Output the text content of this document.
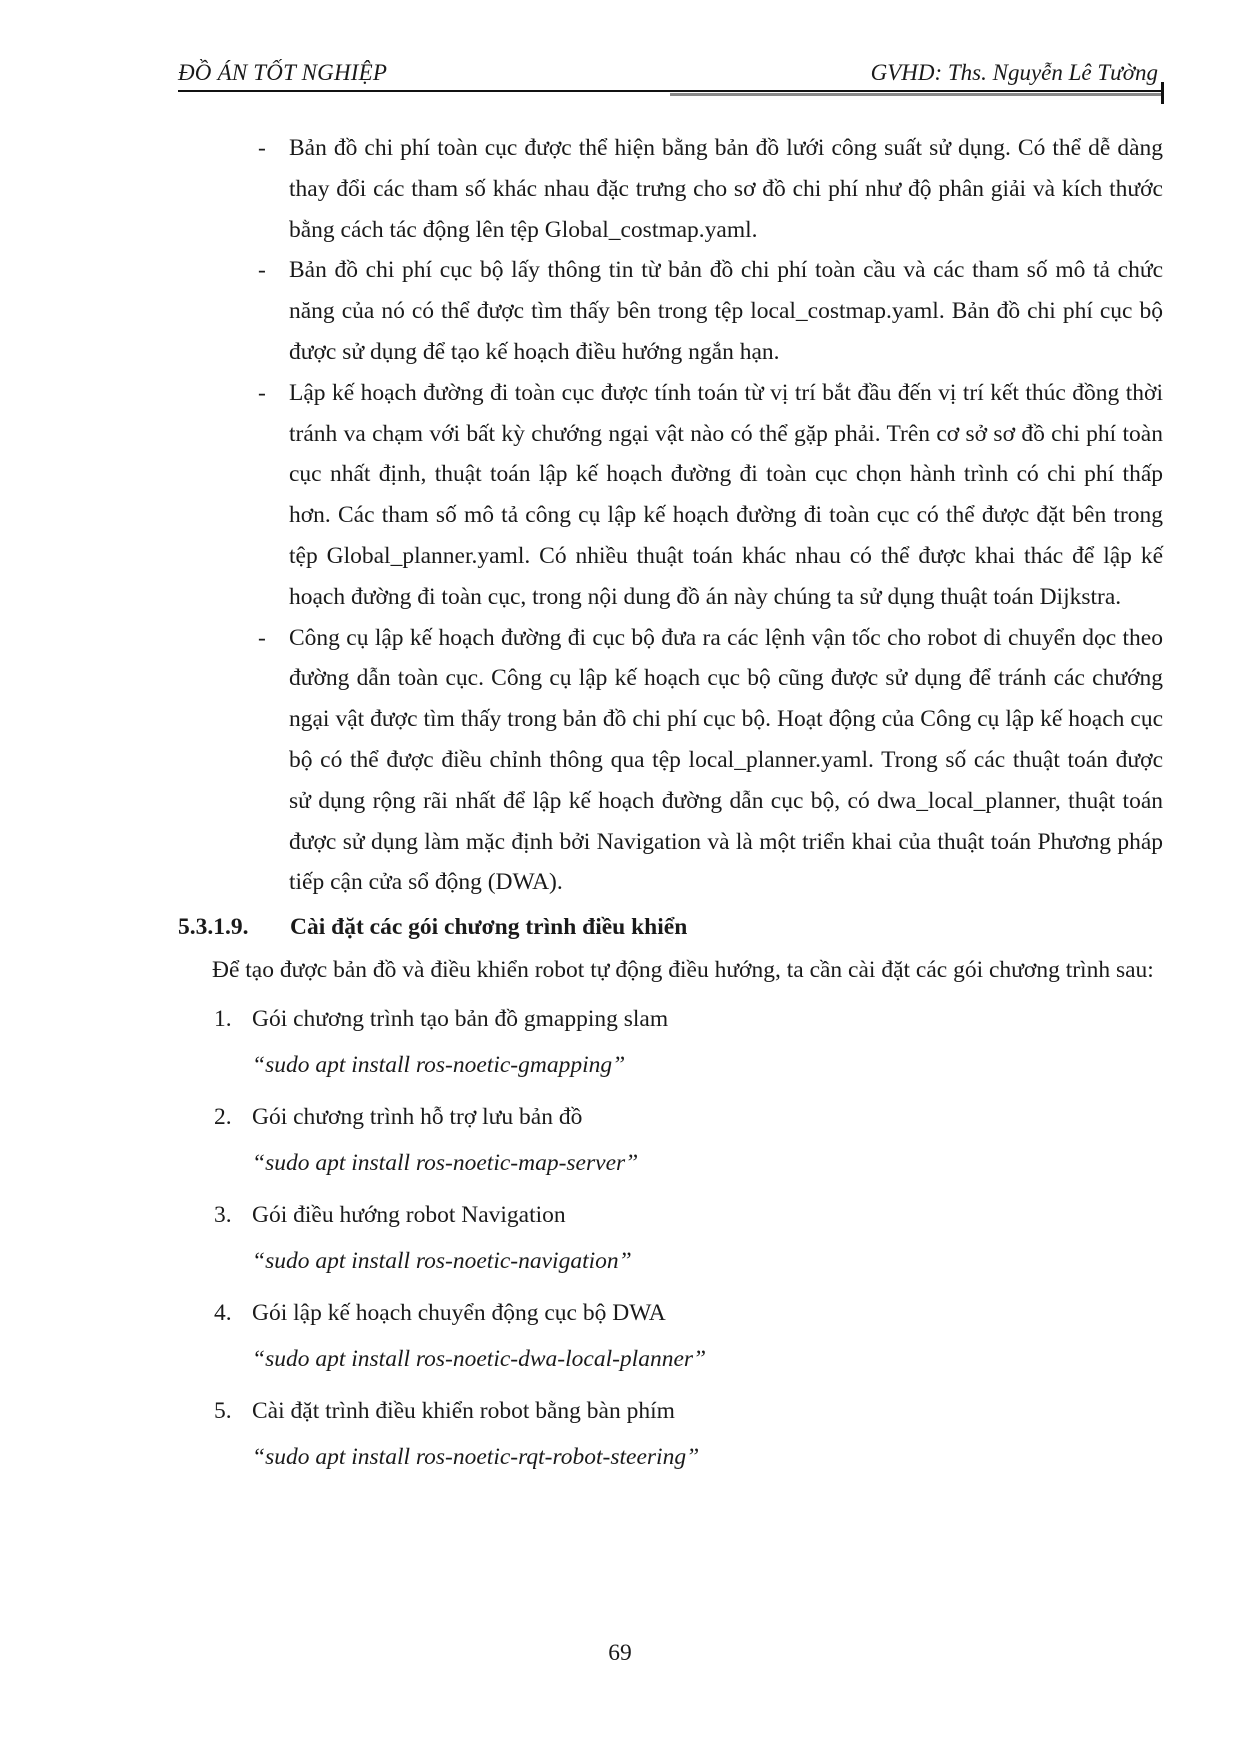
ĐỒ ÁN TỐT NGHIỆP	GVHD: Ths. Nguyễn Lê Tường
- Bản đồ chi phí toàn cục được thể hiện bằng bản đồ lưới công suất sử dụng. Có thể dễ dàng thay đổi các tham số khác nhau đặc trưng cho sơ đồ chi phí như độ phân giải và kích thước bằng cách tác động lên tệp Global_costmap.yaml.
- Bản đồ chi phí cục bộ lấy thông tin từ bản đồ chi phí toàn cầu và các tham số mô tả chức năng của nó có thể được tìm thấy bên trong tệp local_costmap.yaml. Bản đồ chi phí cục bộ được sử dụng để tạo kế hoạch điều hướng ngắn hạn.
- Lập kế hoạch đường đi toàn cục được tính toán từ vị trí bắt đầu đến vị trí kết thúc đồng thời tránh va chạm với bất kỳ chướng ngại vật nào có thể gặp phải. Trên cơ sở sơ đồ chi phí toàn cục nhất định, thuật toán lập kế hoạch đường đi toàn cục chọn hành trình có chi phí thấp hơn. Các tham số mô tả công cụ lập kế hoạch đường đi toàn cục có thể được đặt bên trong tệp Global_planner.yaml. Có nhiều thuật toán khác nhau có thể được khai thác để lập kế hoạch đường đi toàn cục, trong nội dung đồ án này chúng ta sử dụng thuật toán Dijkstra.
- Công cụ lập kế hoạch đường đi cục bộ đưa ra các lệnh vận tốc cho robot di chuyển dọc theo đường dẫn toàn cục. Công cụ lập kế hoạch cục bộ cũng được sử dụng để tránh các chướng ngại vật được tìm thấy trong bản đồ chi phí cục bộ. Hoạt động của Công cụ lập kế hoạch cục bộ có thể được điều chỉnh thông qua tệp local_planner.yaml. Trong số các thuật toán được sử dụng rộng rãi nhất để lập kế hoạch đường dẫn cục bộ, có dwa_local_planner, thuật toán được sử dụng làm mặc định bởi Navigation và là một triển khai của thuật toán Phương pháp tiếp cận cửa sổ động (DWA).
5.3.1.9. Cài đặt các gói chương trình điều khiển
Để tạo được bản đồ và điều khiển robot tự động điều hướng, ta cần cài đặt các gói chương trình sau:
1. Gói chương trình tạo bản đồ gmapping slam
“sudo apt install ros-noetic-gmapping”
2. Gói chương trình hỗ trợ lưu bản đồ
“sudo apt install ros-noetic-map-server”
3. Gói điều hướng robot Navigation
“sudo apt install ros-noetic-navigation”
4. Gói lập kế hoạch chuyển động cục bộ DWA
“sudo apt install ros-noetic-dwa-local-planner”
5. Cài đặt trình điều khiển robot bằng bàn phím
“sudo apt install ros-noetic-rqt-robot-steering”
69
